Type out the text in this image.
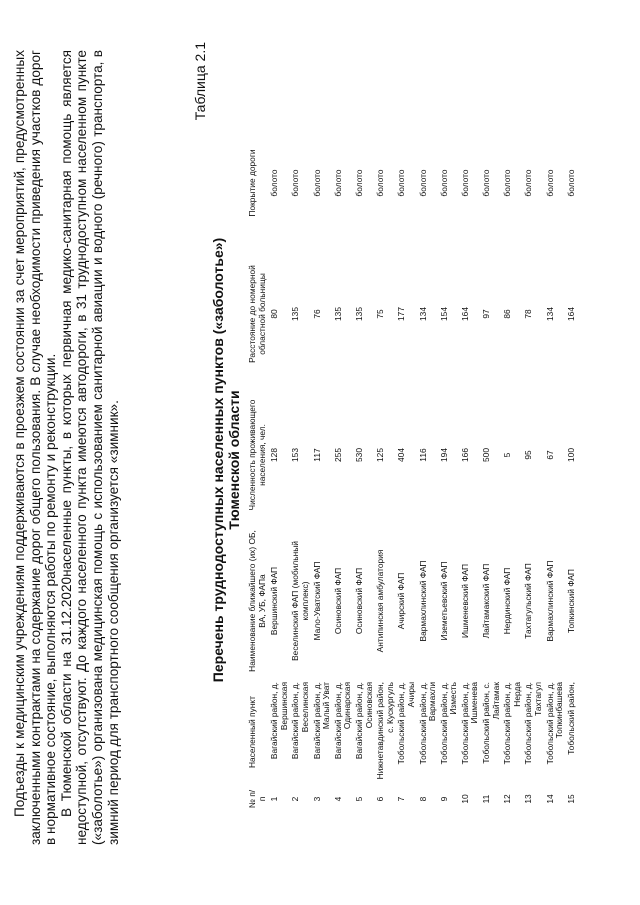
Подъезды к медицинским учреждениям поддерживаются в проезжем состоянии за счет мероприятий, предусмотренных заключенными контрактами на содержание дорог общего пользования. В случае необходимости приведения участков дорог в нормативное состояние, выполняются работы по ремонту и реконструкции. В Тюменской области на 31.12.2020населенные пункты, в которых первичная медико-санитарная помощь является недоступной, отсутствуют. До каждого населенного пункта имеются автодороги, в 31 труднодоступном населенном пункте («заболотье») организована медицинская помощь с использованием санитарной авиации и водного (речного) транспорта, в зимний период для транспортного сообщения организуется «зимник».

Таблица 2.1
Перечень труднодоступных населенных пунктов («заболотье») Тюменской области
№ п/ п	Населенный пункт	Наименование ближайшего (их) ОБ, ВА, УБ, ФАПа	Численность проживающего населения, чел.	Расстояние до номерной областной больницы	Покрытие дороги
1	Вагайский район, д. Вершинская	Вершинский ФАП	128	80	болото
2	Вагайский район, д. Веселинская	Веселинский ФАП (мобильный комплекс)	153	135	болото
3	Вагайский район, д. Малый Уват	Мало-Уватский ФАП	117	76	болото
4	Вагайский район, д. Одинарская	Осиновский ФАП	255	135	болото
5	Вагайский район, д. Осиновская	Осиновский ФАП	530	135	болото
6	Нижнетавдинский район, с. Кускургуль	Антипинская амбулатория	125	75	болото
7	Тобольский район, д. Ачиры	Ачирский ФАП	404	177	болото
8	Тобольский район, д. Вармахли	Вармахлинский ФАП	116	134	болото
9	Тобольский район, д. Изместь	Иземетьевский ФАП	194	154	болото
10	Тобольский район, д. Ишменева	Ишменевский ФАП	166	164	болото
11	Тобольский район, с. Лайтамак	Лайтамакский ФАП	500	97	болото
12	Тобольский район, д. Нерда	Нердинский ФАП	5	86	болото
13	Тобольский район, д. Тахтагул	Тахтагульский ФАП	95	78	болото
14	Тобольский район, д. Топкинбашева	Вармахлинский ФАП	67	134	болото
15	Тобольский район,	Топкинский ФАП	100	164	болото
